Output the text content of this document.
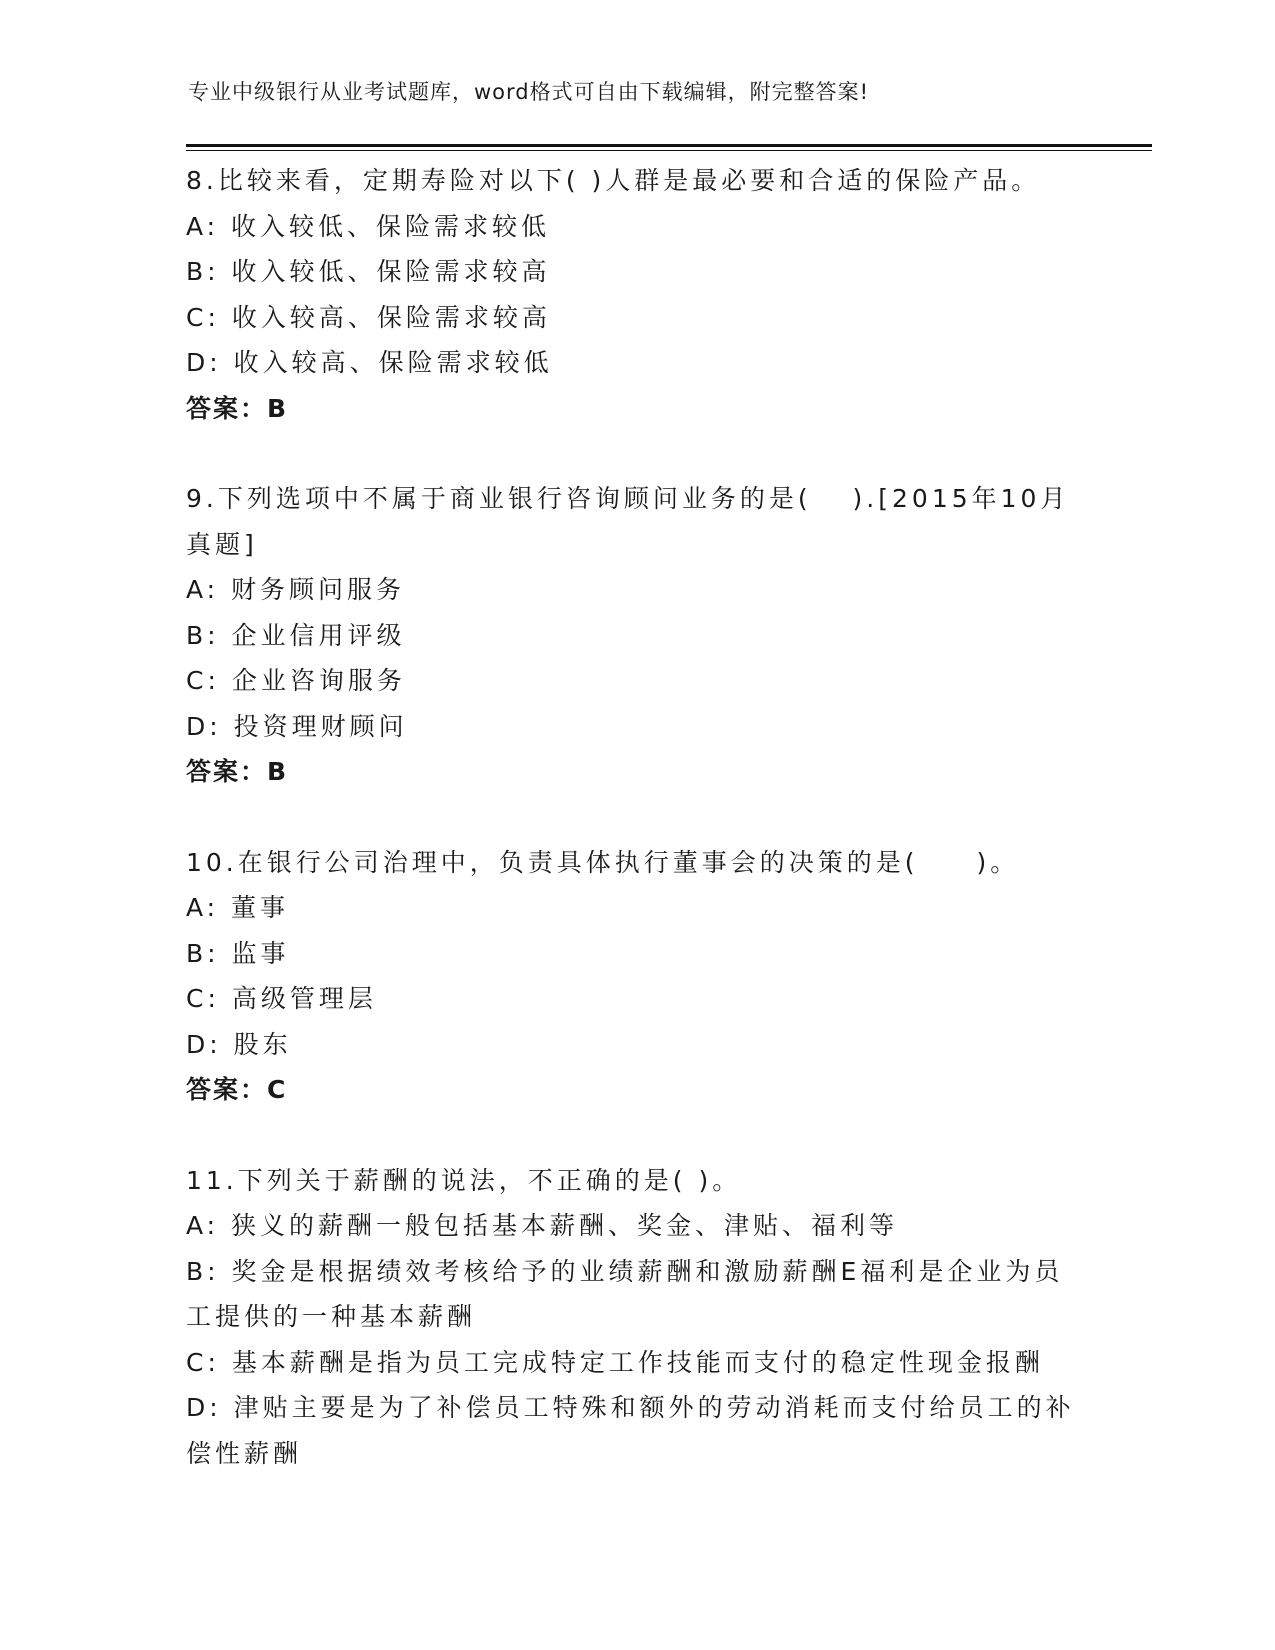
专业中级银行从业考试题库，word格式可自由下载编辑，附完整答案!
8.比较来看，定期寿险对以下( )人群是最必要和合适的保险产品。
A: 收入较低、保险需求较低
B: 收入较低、保险需求较高
C: 收入较高、保险需求较高
D: 收入较高、保险需求较低
答案：B
9.下列选项中不属于商业银行咨询顾问业务的是(　 ).[2015年10月真题]
A: 财务顾问服务
B: 企业信用评级
C: 企业咨询服务
D: 投资理财顾问
答案：B
10.在银行公司治理中，负责具体执行董事会的决策的是(　　)。
A: 董事
B: 监事
C: 高级管理层
D: 股东
答案：C
11.下列关于薪酬的说法，不正确的是( )。
A: 狭义的薪酬一般包括基本薪酬、奖金、津贴、福利等
B: 奖金是根据绩效考核给予的业绩薪酬和激励薪酬E福利是企业为员工提供的一种基本薪酬
C: 基本薪酬是指为员工完成特定工作技能而支付的稳定性现金报酬
D: 津贴主要是为了补偿员工特殊和额外的劳动消耗而支付给员工的补偿性薪酬
